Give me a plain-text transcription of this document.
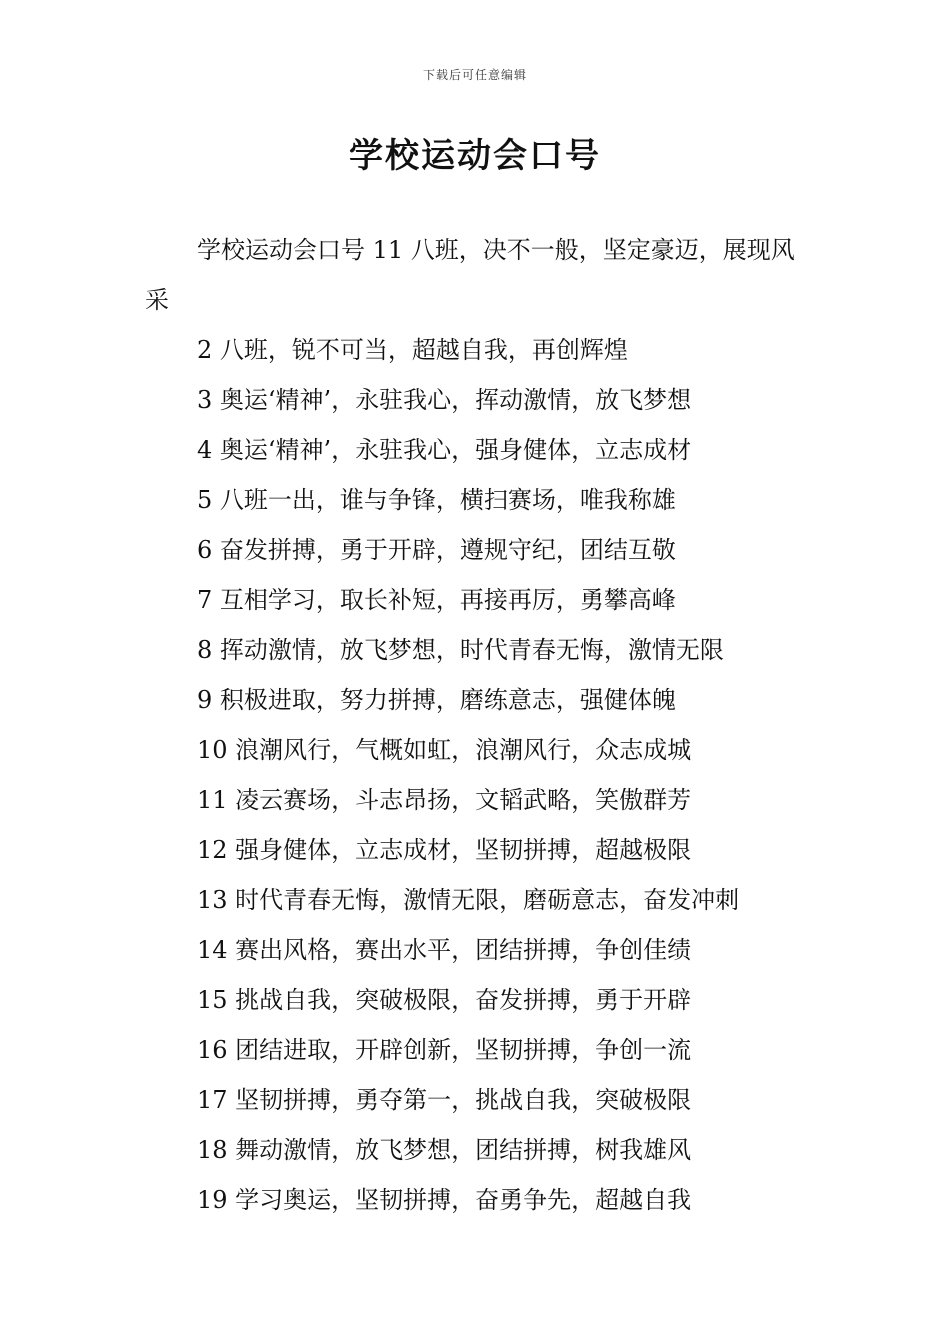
下载后可任意编辑
学校运动会口号

学校运动会口号 11 八班，决不一般，坚定豪迈，展现风采

2 八班，锐不可当，超越自我，再创辉煌

3 奥运‘精神’，永驻我心，挥动激情，放飞梦想

4 奥运‘精神’，永驻我心，强身健体，立志成材

5 八班一出，谁与争锋，横扫赛场，唯我称雄

6 奋发拼搏，勇于开辟，遵规守纪，团结互敬

7 互相学习，取长补短，再接再厉，勇攀高峰

8 挥动激情，放飞梦想，时代青春无悔，激情无限

9 积极进取，努力拼搏，磨练意志，强健体魄

10 浪潮风行，气概如虹，浪潮风行，众志成城

11 凌云赛场，斗志昂扬，文韬武略，笑傲群芳

12 强身健体，立志成材，坚韧拼搏，超越极限

13 时代青春无悔，激情无限，磨砺意志，奋发冲刺

14 赛出风格，赛出水平，团结拼搏，争创佳绩

15 挑战自我，突破极限，奋发拼搏，勇于开辟

16 团结进取，开辟创新，坚韧拼搏，争创一流

17 坚韧拼搏，勇夺第一，挑战自我，突破极限

18 舞动激情，放飞梦想，团结拼搏，树我雄风

19 学习奥运，坚韧拼搏，奋勇争先，超越自我
